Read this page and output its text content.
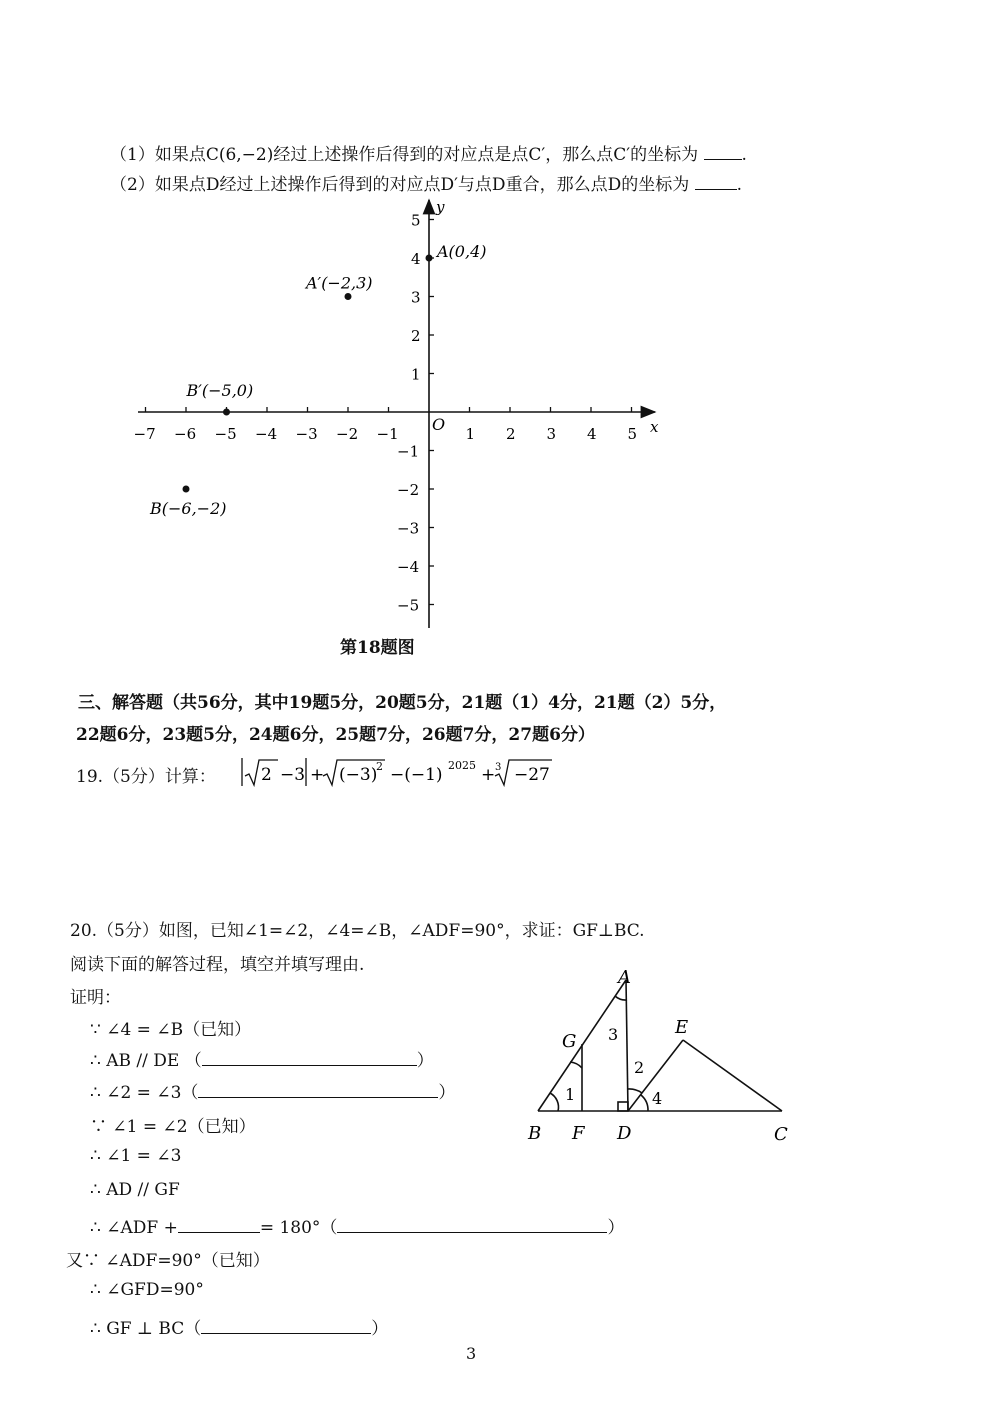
（1）如果点C(6,−2)经过上述操作后得到的对应点是点C′，那么点C′的坐标为	.
（2）如果点D经过上述操作后得到的对应点D′与点D重合，那么点D的坐标为	.
−7 −6 −5 −4 −3 −2 −1	1 2 3 4 5
5
4
3
2
1
−1
−2
−3
−4
−5
x
y
O
A(0,4)
A′(−2,3)
B′(−5,0)
B(−6,−2)
第18题图
三、解答题（共56分，其中19题5分，20题5分，21题（1）4分，21题（2）5分，
22题6分，23题5分，24题6分，25题7分，26题7分，27题6分）
19.（5分）计算：	2 −3 + (−3)
2 −(−1) 2025 + 3 −27
20.（5分）如图，已知∠1=∠2，∠4=∠B，∠ADF=90°，求证：GF⊥BC.
阅读下面的解答过程，填空并填写理由.
证明：
∵ ∠4 = ∠B（已知）
∴ AB // DE （	）
∴ ∠2 = ∠3（	）
∵ ∠1 = ∠2（已知）
∴ ∠1 = ∠3
∴ AD // GF
∴ ∠ADF +	= 180°（	）
又∵ ∠ADF=90°（已知）
∴ ∠GFD=90°
∴ GF ⊥ BC（	）
A
B	C
D
E
F
G
1
2
3
4
3
